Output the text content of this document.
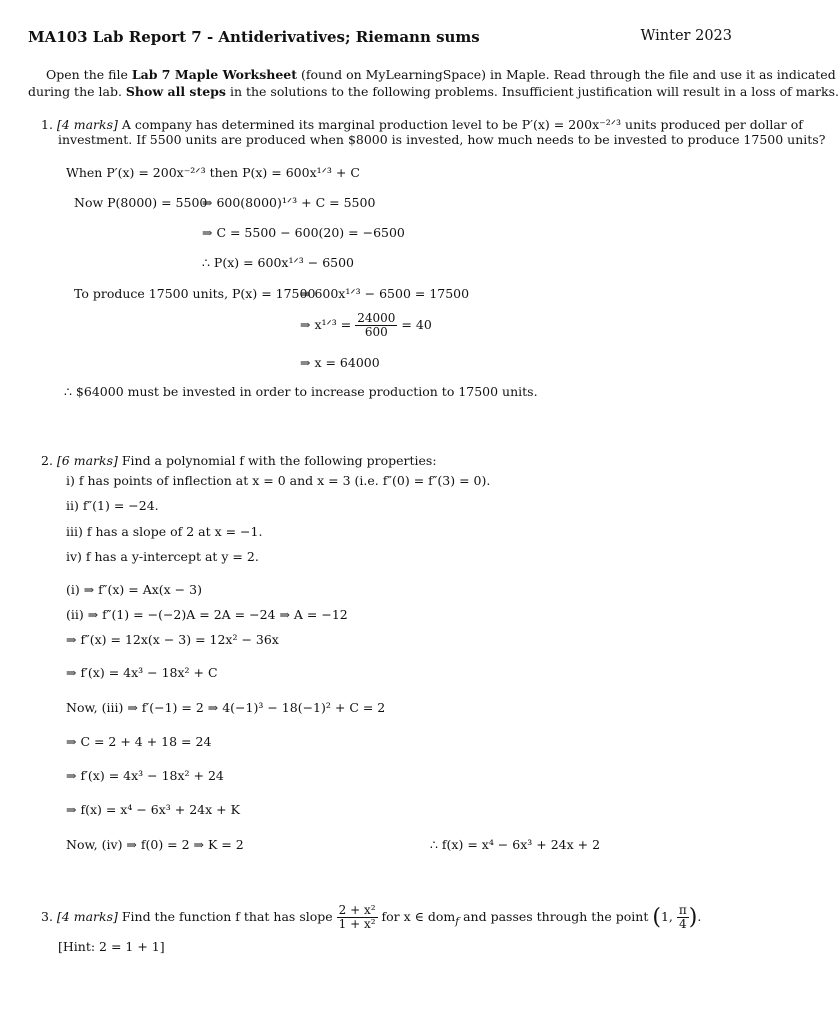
MA103 Lab Report 7 - Antiderivatives; Riemann sums	Winter 2023
Open the file Lab 7 Maple Worksheet (found on MyLearningSpace) in Maple. Read through the file and use it as indicated
during the lab. Show all steps in the solutions to the following problems. Insufficient justification will result in a loss of marks.
1. [4 marks] A company has determined its marginal production level to be P′(x) = 200x⁻²ᐟ³ units produced per dollar of
investment. If 5500 units are produced when $8000 is invested, how much needs to be invested to produce 17500 units?
When P′(x) = 200x⁻²ᐟ³ then P(x) = 600x¹ᐟ³ + C
Now P(8000) = 5500
⇒ 600(8000)¹ᐟ³ + C = 5500
⇒ C = 5500 − 600(20) = −6500
∴ P(x) = 600x¹ᐟ³ − 6500
To produce 17500 units, P(x) = 17500
⇒ 600x¹ᐟ³ − 6500 = 17500
⇒ x¹ᐟ³ = $\frac{24000}{600} = 40$
⇒ x = 64000
∴ $64000 must be invested in order to increase production to 17500 units.
2. [6 marks] Find a polynomial f with the following properties:
i) f has points of inflection at x = 0 and x = 3 (i.e. f″(0) = f″(3) = 0).
ii) f″(1) = −24.
iii) f has a slope of 2 at x = −1.
iv) f has a y-intercept at y = 2.
(i) ⇒ f″(x) = Ax(x − 3)
(ii) ⇒ f″(1) = −(−2)A = 2A = −24 ⇒ A = −12
⇒ f″(x) = 12x(x − 3) = 12x² − 36x
⇒ f′(x) = 4x³ − 18x² + C
Now, (iii) ⇒ f′(−1) = 2 ⇒ 4(−1)³ − 18(−1)² + C = 2
⇒ C = 2 + 4 + 18 = 24
⇒ f′(x) = 4x³ − 18x² + 24
⇒ f(x) = x⁴ − 6x³ + 24x + K
Now, (iv) ⇒ f(0) = 2 ⇒ K = 2	∴ f(x) = x⁴ − 6x³ + 24x + 2
3. [4 marks] Find the function f that has slope $\frac{\text{2 + x²}}{\text{1 + x²}}$ for x ∈ dom$_f$ and passes through the point (1, $\frac{\pi}{4}$ ).
[Hint: 2 = 1 + 1]
